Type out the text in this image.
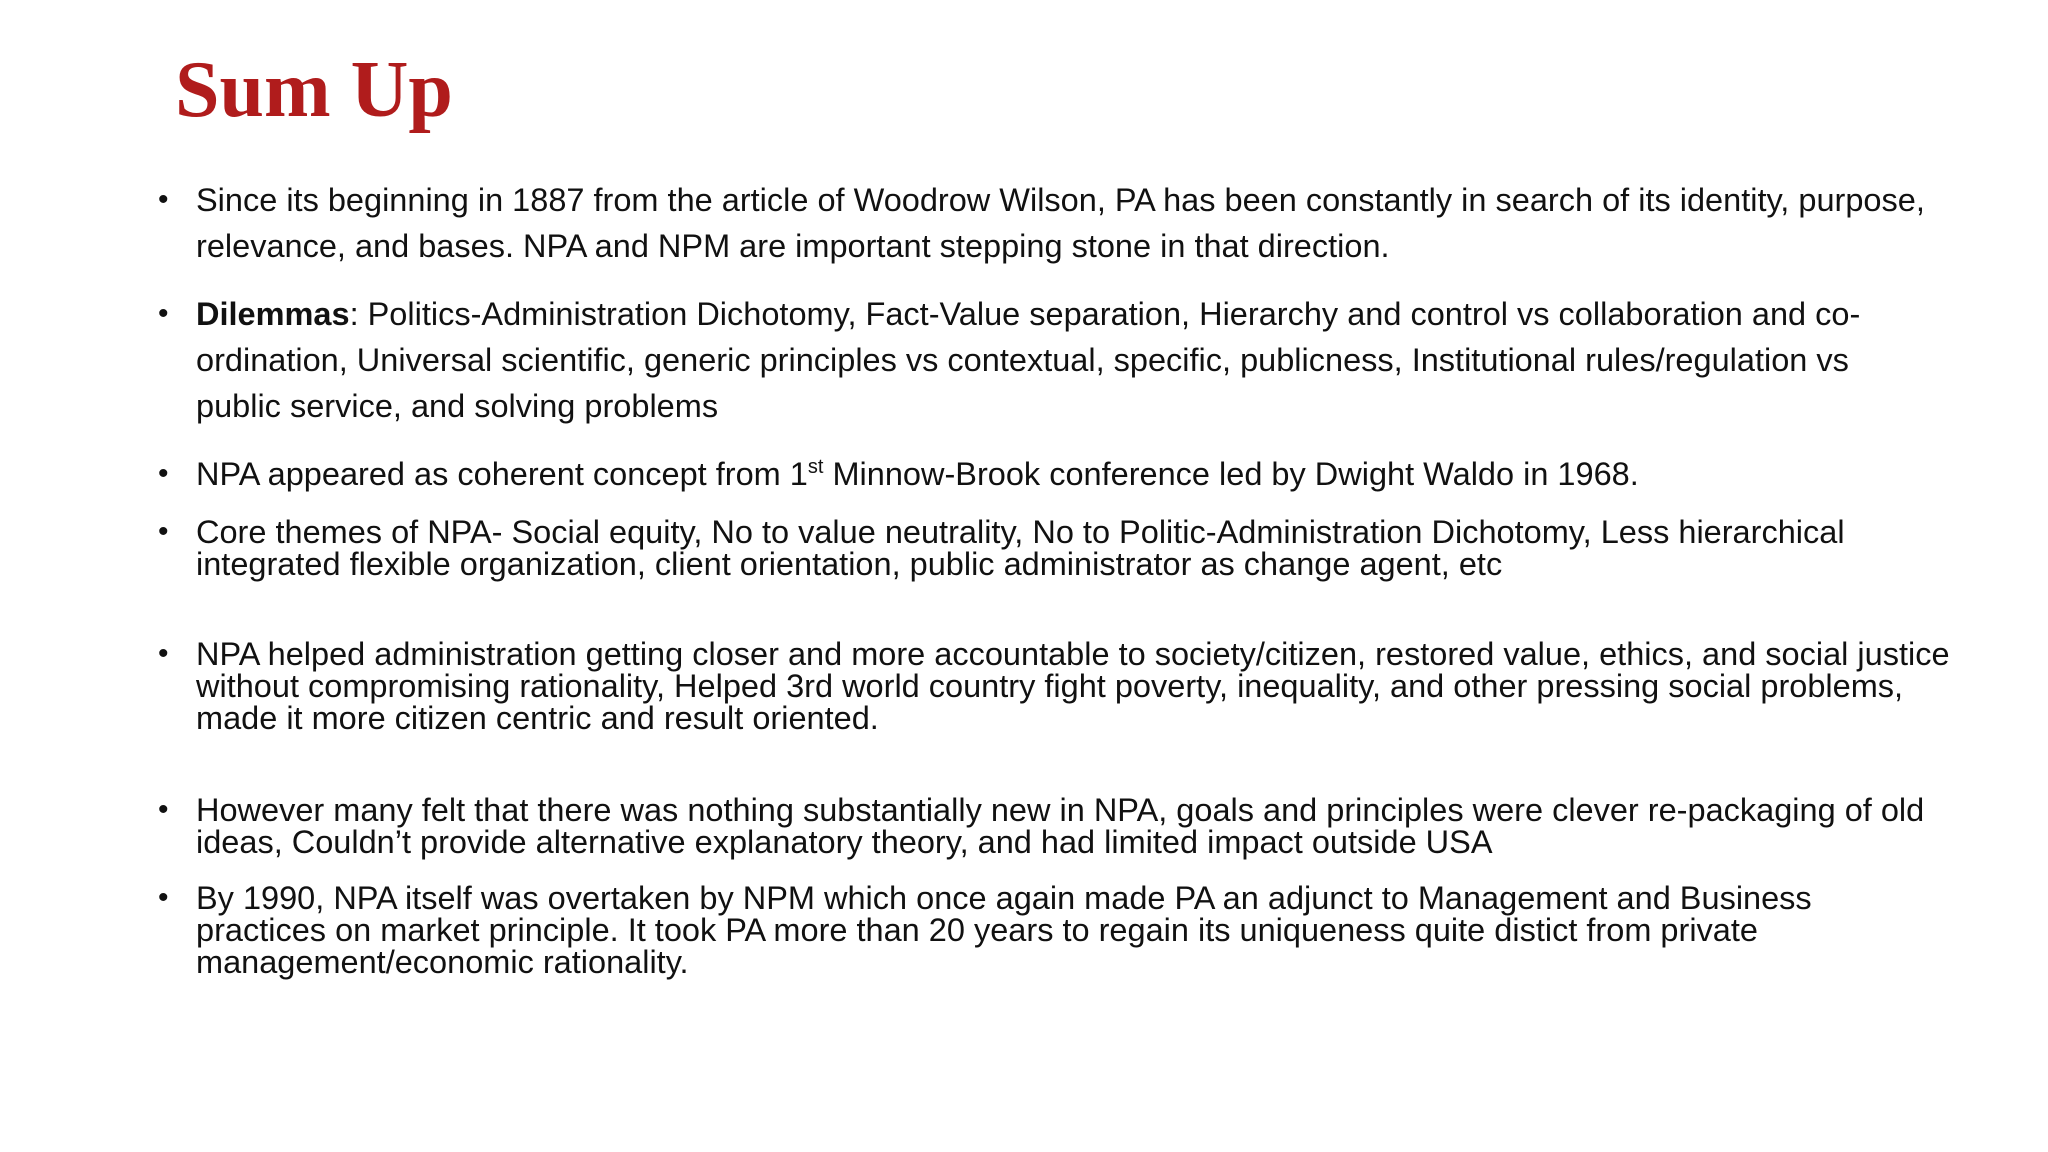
Sum Up
• Since its beginning in 1887 from the article of Woodrow Wilson, PA has been constantly in search of its identity, purpose, relevance, and bases. NPA and NPM are important stepping stone in that direction.
• Dilemmas: Politics-Administration Dichotomy, Fact-Value separation, Hierarchy and control vs collaboration and co-ordination, Universal scientific, generic principles vs contextual, specific, publicness, Institutional rules/regulation vs public service, and solving problems
• NPA appeared as coherent concept from 1st Minnow-Brook conference led by Dwight Waldo in 1968.
• Core themes of NPA- Social equity, No to value neutrality, No to Politic-Administration Dichotomy, Less hierarchical integrated flexible organization, client orientation, public administrator as change agent, etc
• NPA helped administration getting closer and more accountable to society/citizen, restored value, ethics, and social justice without compromising rationality, Helped 3rd world country fight poverty, inequality, and other pressing social problems, made it more citizen centric and result oriented.
• However many felt that there was nothing substantially new in NPA, goals and principles were clever re-packaging of old ideas, Couldn’t provide alternative explanatory theory, and had limited impact outside USA
• By 1990, NPA itself was overtaken by NPM which once again made PA an adjunct to Management and Business practices on market principle. It took PA more than 20 years to regain its uniqueness quite distict from private management/economic rationality.
